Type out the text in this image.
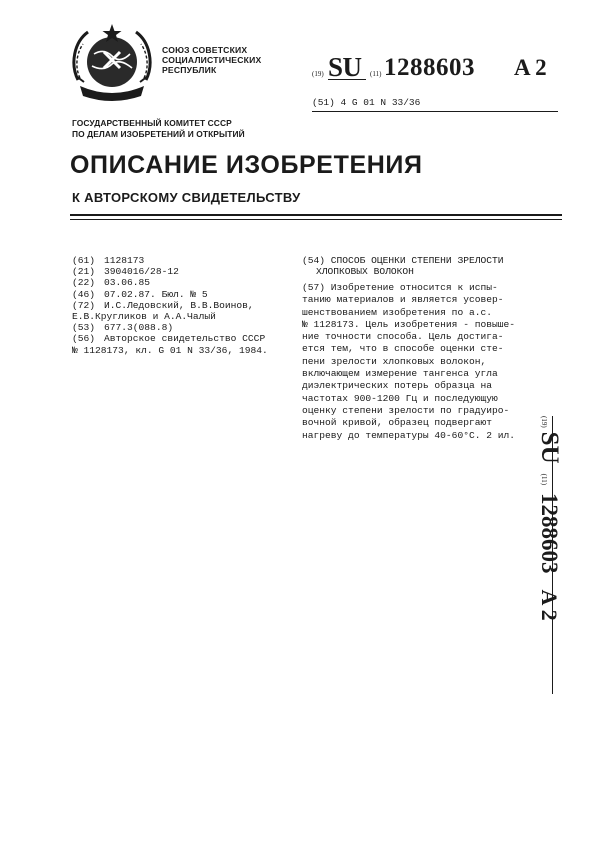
СОЮЗ СОВЕТСКИХ
СОЦИАЛИСТИЧЕСКИХ
РЕСПУБЛИК	(19) SU (11) 1288603 A 2
(51) 4 G 01 N 33/36
ГОСУДАРСТВЕННЫЙ КОМИТЕТ СССР
ПО ДЕЛАМ ИЗОБРЕТЕНИЙ И ОТКРЫТИЙ
ОПИСАНИЕ ИЗОБРЕТЕНИЯ
К АВТОРСКОМУ СВИДЕТЕЛЬСТВУ
(61) 1128173
(21) 3904016/28-12
(22) 03.06.85
(46) 07.02.87. Бюл. № 5
(72) И.С.Ледовский, В.В.Воинов,
Е.В.Кругликов и А.А.Чалый
(53) 677.3(088.8)
(56) Авторское свидетельство СССР
№ 1128173, кл. G 01 N 33/36, 1984.
(54) СПОСОБ ОЦЕНКИ СТЕПЕНИ ЗРЕЛОСТИ
ХЛОПКОВЫХ ВОЛОКОН
(57) Изобретение относится к испы-
танию материалов и является усовер-
шенствованием изобретения по а.с.
№ 1128173. Цель изобретения - повыше-
ние точности способа. Цель достига-
ется тем, что в способе оценки сте-
пени зрелости хлопковых волокон,
включающем измерение тангенса угла
диэлектрических потерь образца на
частотах 900-1200 Гц и последующую
оценку степени зрелости по градуиро-
вочной кривой, образец подвергают
нагреву до температуры 40-60°С. 2 ил.
(19) SU (11) 1288603 A 2
